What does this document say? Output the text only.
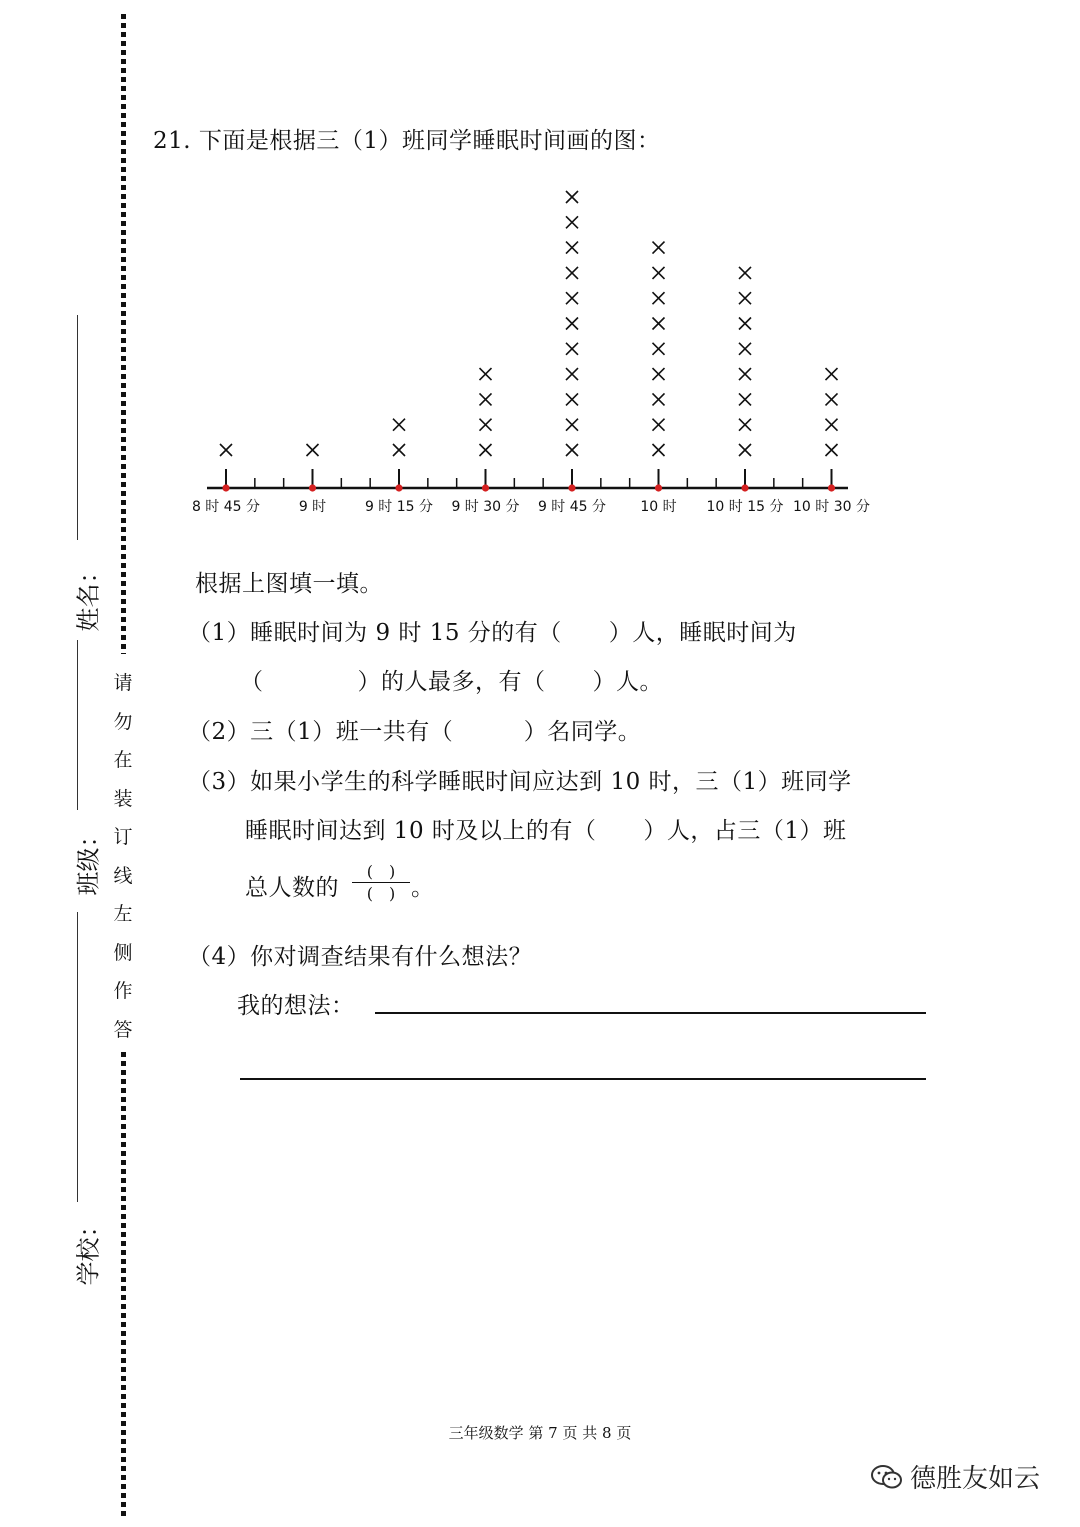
姓名：
班级：
学校：
请
勿
在
装
订
线
左
侧
作
答
21. 下面是根据三（1）班同学睡眠时间画的图：
8 时 45 分	9 时	9 时 15 分 9 时 30 分 9 时 45 分 10 时 10 时 15 分 10 时 30 分
根据上图填一填。
（1）睡眠时间为 9 时 15 分的有（　　）人，睡眠时间为
（　　　　）的人最多，有（　　）人。
（2）三（1）班一共有（　　　）名同学。
（3）如果小学生的科学睡眠时间应达到 10 时，三（1）班同学
睡眠时间达到 10 时及以上的有（　　）人，占三（1）班
总人数的
(　)
(　) 。
（4）你对调查结果有什么想法？
我的想法：
三年级数学 第 7 页 共 8 页
德胜友如云
